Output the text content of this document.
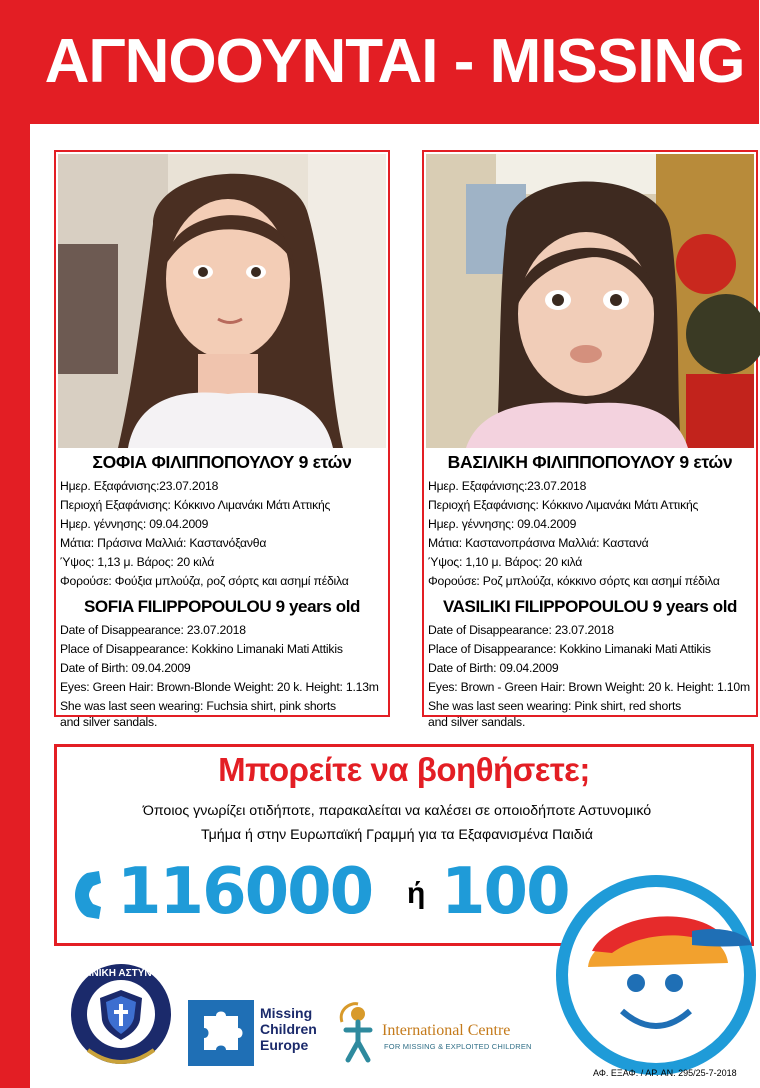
ΑΓΝΟΟΥΝΤΑΙ - MISSING
ΣΟΦΙΑ ΦΙΛΙΠΠΟΠΟΥΛΟΥ 9 ετών
Ημερ. Εξαφάνισης:23.07.2018
Περιοχή Εξαφάνισης: Κόκκινο Λιμανάκι Μάτι Αττικής
Ημερ. γέννησης: 09.04.2009
Μάτια: Πράσινα Μαλλιά: Καστανόξανθα
Ύψος: 1,13 μ. Βάρος: 20 κιλά
Φορούσε: Φούξια μπλούζα, ροζ σόρτς και ασημί πέδιλα
SOFIA FILIPPOPOULOU 9 years old
Date of Disappearance: 23.07.2018
Place of Disappearance: Kokkino Limanaki Mati Attikis
Date of Birth: 09.04.2009
Eyes: Green Hair: Brown-Blonde Weight: 20 k. Height: 1.13m
She was last seen wearing: Fuchsia shirt, pink shorts
and silver sandals.
ΒΑΣΙΛΙΚΗ ΦΙΛΙΠΠΟΠΟΥΛΟΥ 9 ετών
Ημερ. Εξαφάνισης:23.07.2018
Περιοχή Εξαφάνισης: Κόκκινο Λιμανάκι Μάτι Αττικής
Ημερ. γέννησης: 09.04.2009
Μάτια: Καστανοπράσινα Μαλλιά: Καστανά
Ύψος: 1,10 μ. Βάρος: 20 κιλά
Φορούσε: Ροζ μπλούζα, κόκκινο σόρτς και ασημί πέδιλα
VASILIKI FILIPPOPOULOU 9 years old
Date of Disappearance: 23.07.2018
Place of Disappearance: Kokkino Limanaki Mati Attikis
Date of Birth: 09.04.2009
Eyes: Brown - Green Hair: Brown Weight: 20 k. Height: 1.10m
She was last seen wearing: Pink shirt, red shorts
and silver sandals.
Μπορείτε να βοηθήσετε;
Όποιος γνωρίζει οτιδήποτε, παρακαλείται να καλέσει σε οποιοδήποτε Αστυνομικό
Τμήμα ή στην Ευρωπαϊκή Γραμμή για τα Εξαφανισμένα Παιδιά
116000 ή 100
ΕΛΛΗΝΙΚΗ ΑΣΤΥΝΟΜΙΑ
Missing
Children
Europe
International Centre
FOR MISSING & EXPLOITED CHILDREN
Το χαμόγελο του παιδιού
ΑΦ. ΕΞΑΦ. / ΑΡ. ΑΝ. 295/25-7-2018
